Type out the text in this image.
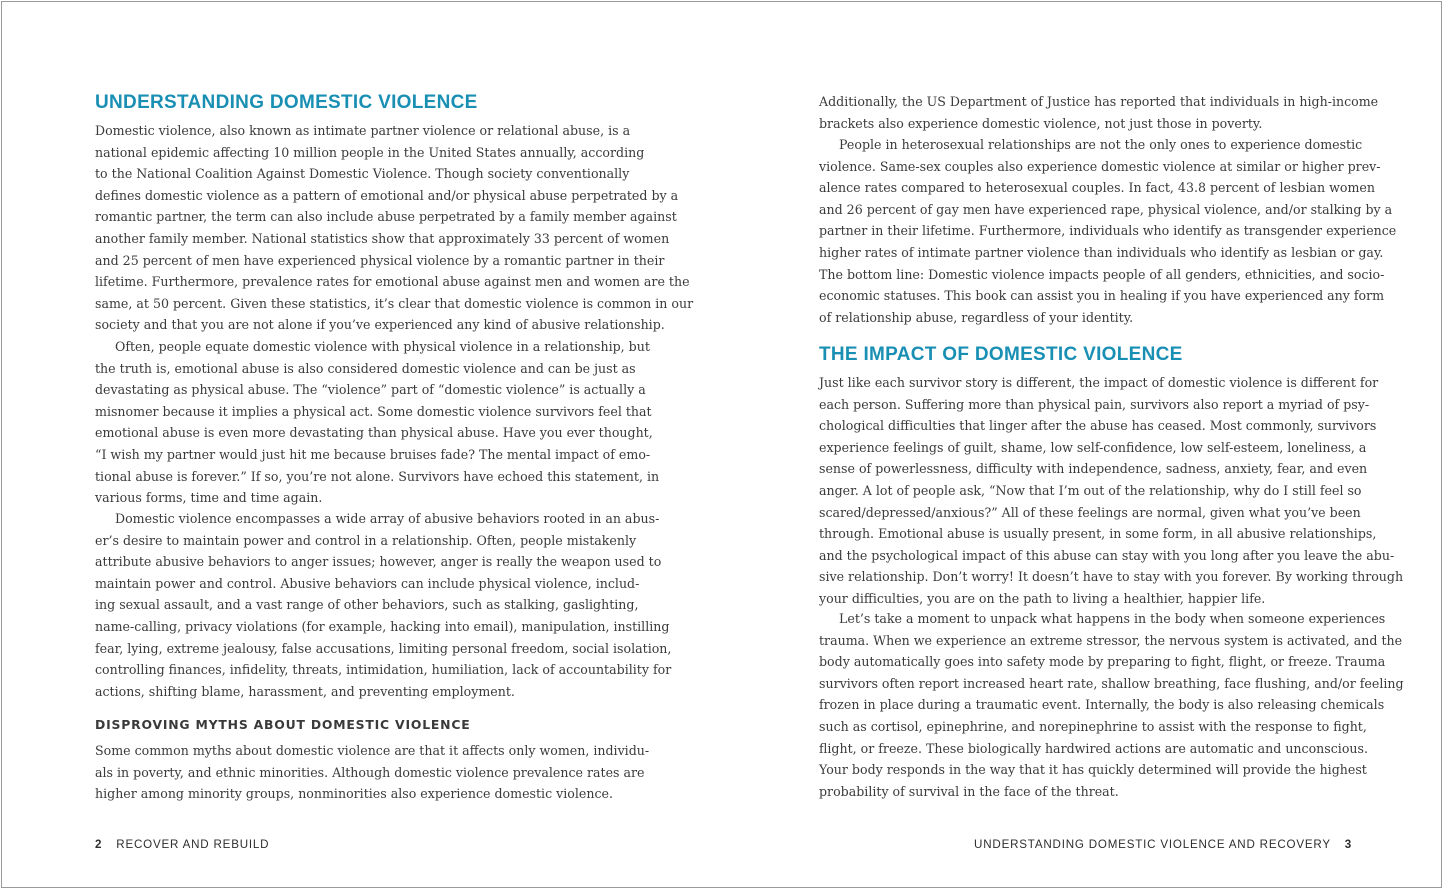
UNDERSTANDING DOMESTIC VIOLENCE
Domestic violence, also known as intimate partner violence or relational abuse, is a
national epidemic affecting 10 million people in the United States annually, according
to the National Coalition Against Domestic Violence. Though society conventionally
defines domestic violence as a pattern of emotional and/or physical abuse perpetrated by a
romantic partner, the term can also include abuse perpetrated by a family member against
another family member. National statistics show that approximately 33 percent of women
and 25 percent of men have experienced physical violence by a romantic partner in their
lifetime. Furthermore, prevalence rates for emotional abuse against men and women are the
same, at 50 percent. Given these statistics, it’s clear that domestic violence is common in our
society and that you are not alone if you’ve experienced any kind of abusive relationship.
Often, people equate domestic violence with physical violence in a relationship, but
the truth is, emotional abuse is also considered domestic violence and can be just as
devastating as physical abuse. The “violence” part of “domestic violence” is actually a
misnomer because it implies a physical act. Some domestic violence survivors feel that
emotional abuse is even more devastating than physical abuse. Have you ever thought,
“I wish my partner would just hit me because bruises fade? The mental impact of emo-
tional abuse is forever.” If so, you’re not alone. Survivors have echoed this statement, in
various forms, time and time again.
Domestic violence encompasses a wide array of abusive behaviors rooted in an abus-
er’s desire to maintain power and control in a relationship. Often, people mistakenly
attribute abusive behaviors to anger issues; however, anger is really the weapon used to
maintain power and control. Abusive behaviors can include physical violence, includ-
ing sexual assault, and a vast range of other behaviors, such as stalking, gaslighting,
name-calling, privacy violations (for example, hacking into email), manipulation, instilling
fear, lying, extreme jealousy, false accusations, limiting personal freedom, social isolation,
controlling finances, infidelity, threats, intimidation, humiliation, lack of accountability for
actions, shifting blame, harassment, and preventing employment.
DISPROVING MYTHS ABOUT DOMESTIC VIOLENCE
Some common myths about domestic violence are that it affects only women, individu-
als in poverty, and ethnic minorities. Although domestic violence prevalence rates are
higher among minority groups, nonminorities also experience domestic violence.
2 RECOVER AND REBUILD
Additionally, the US Department of Justice has reported that individuals in high-income
brackets also experience domestic violence, not just those in poverty.
People in heterosexual relationships are not the only ones to experience domestic
violence. Same-sex couples also experience domestic violence at similar or higher prev-
alence rates compared to heterosexual couples. In fact, 43.8 percent of lesbian women
and 26 percent of gay men have experienced rape, physical violence, and/or stalking by a
partner in their lifetime. Furthermore, individuals who identify as transgender experience
higher rates of intimate partner violence than individuals who identify as lesbian or gay.
The bottom line: Domestic violence impacts people of all genders, ethnicities, and socio-
economic statuses. This book can assist you in healing if you have experienced any form
of relationship abuse, regardless of your identity.
THE IMPACT OF DOMESTIC VIOLENCE
Just like each survivor story is different, the impact of domestic violence is different for
each person. Suffering more than physical pain, survivors also report a myriad of psy-
chological difficulties that linger after the abuse has ceased. Most commonly, survivors
experience feelings of guilt, shame, low self-confidence, low self-esteem, loneliness, a
sense of powerlessness, difficulty with independence, sadness, anxiety, fear, and even
anger. A lot of people ask, “Now that I’m out of the relationship, why do I still feel so
scared/depressed/anxious?” All of these feelings are normal, given what you’ve been
through. Emotional abuse is usually present, in some form, in all abusive relationships,
and the psychological impact of this abuse can stay with you long after you leave the abu-
sive relationship. Don’t worry! It doesn’t have to stay with you forever. By working through
your difficulties, you are on the path to living a healthier, happier life.
Let’s take a moment to unpack what happens in the body when someone experiences
trauma. When we experience an extreme stressor, the nervous system is activated, and the
body automatically goes into safety mode by preparing to fight, flight, or freeze. Trauma
survivors often report increased heart rate, shallow breathing, face flushing, and/or feeling
frozen in place during a traumatic event. Internally, the body is also releasing chemicals
such as cortisol, epinephrine, and norepinephrine to assist with the response to fight,
flight, or freeze. These biologically hardwired actions are automatic and unconscious.
Your body responds in the way that it has quickly determined will provide the highest
probability of survival in the face of the threat.
UNDERSTANDING DOMESTIC VIOLENCE AND RECOVERY 3
